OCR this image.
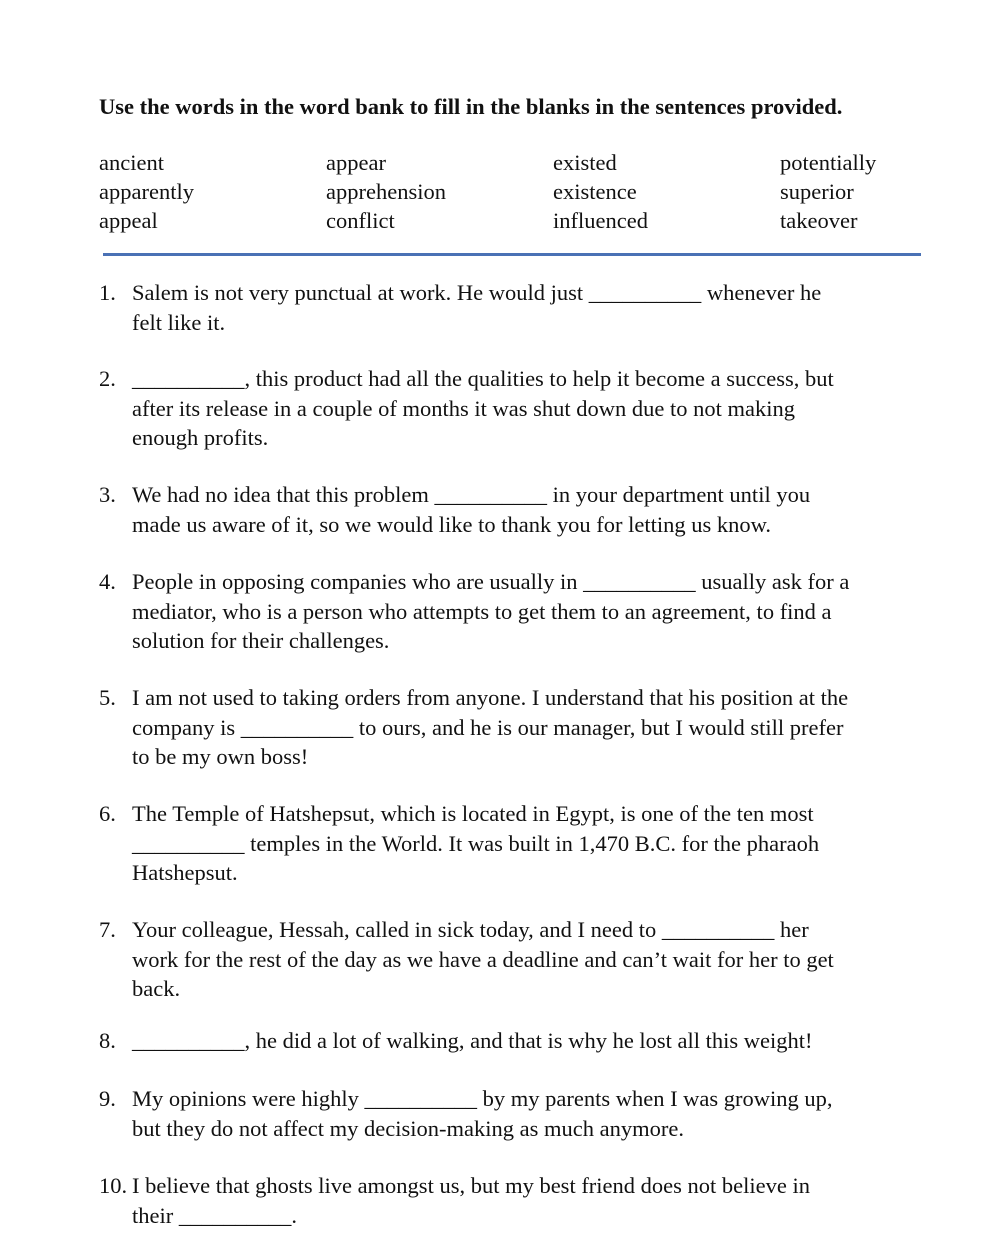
Use the words in the word bank to fill in the blanks in the sentences provided.
ancient	appear	existed	potentially
apparently	apprehension	existence	superior
appeal	conflict	influenced	takeover
1. Salem is not very punctual at work. He would just __________ whenever he
felt like it.
2. __________, this product had all the qualities to help it become a success, but
after its release in a couple of months it was shut down due to not making
enough profits.
3. We had no idea that this problem __________ in your department until you
made us aware of it, so we would like to thank you for letting us know.
4. People in opposing companies who are usually in __________ usually ask for a
mediator, who is a person who attempts to get them to an agreement, to find a
solution for their challenges.
5. I am not used to taking orders from anyone. I understand that his position at the
company is __________ to ours, and he is our manager, but I would still prefer
to be my own boss!
6. The Temple of Hatshepsut, which is located in Egypt, is one of the ten most
__________ temples in the World. It was built in 1,470 B.C. for the pharaoh
Hatshepsut.
7. Your colleague, Hessah, called in sick today, and I need to __________ her
work for the rest of the day as we have a deadline and can’t wait for her to get
back.
8. __________, he did a lot of walking, and that is why he lost all this weight!
9. My opinions were highly __________ by my parents when I was growing up,
but they do not affect my decision-making as much anymore.
10. I believe that ghosts live amongst us, but my best friend does not believe in
their __________.
